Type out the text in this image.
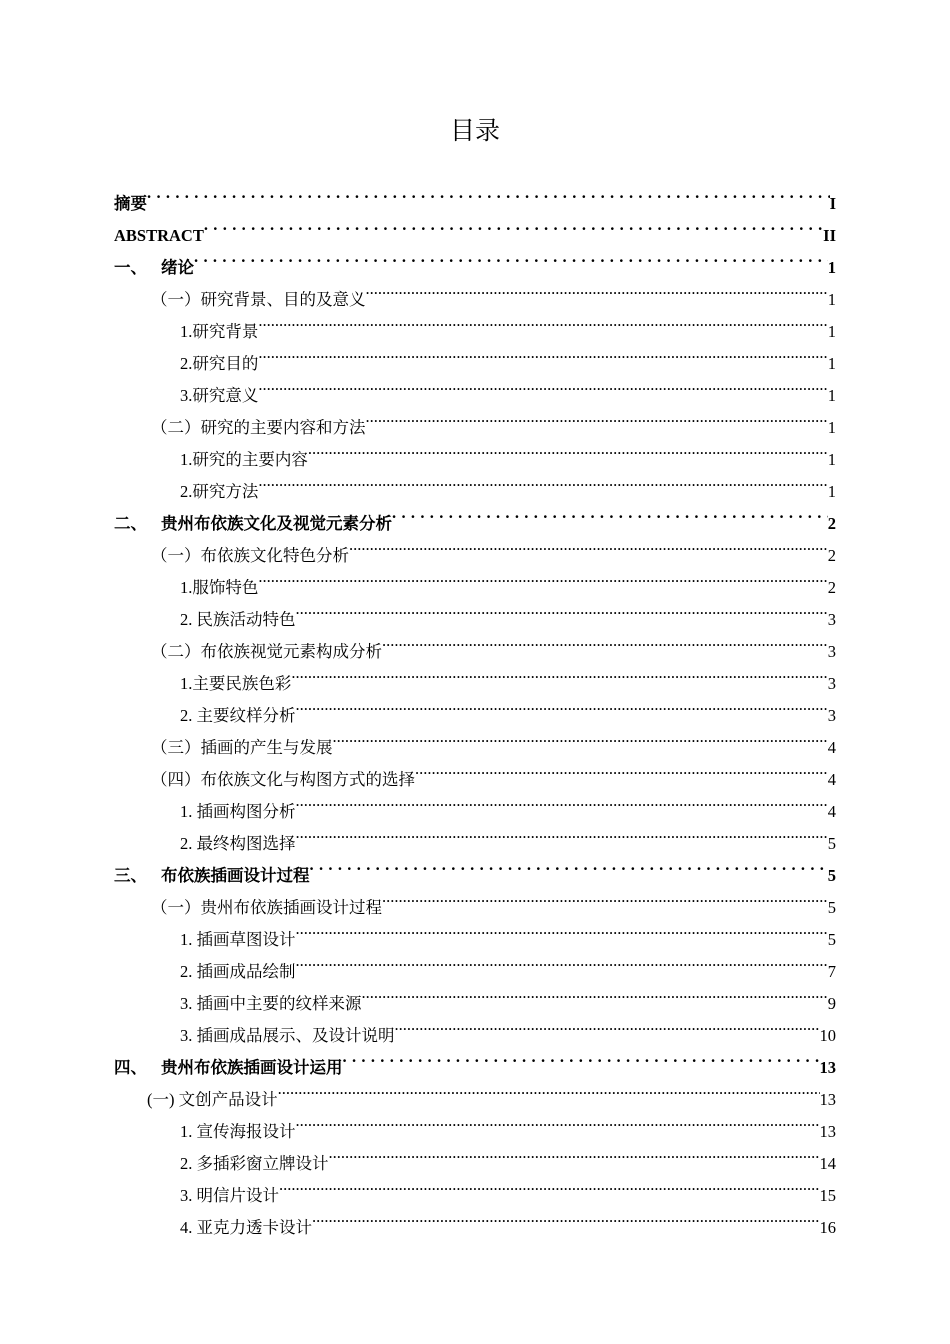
目录
摘要 . . .	I
ABSTRACT . . .	II
一、 绪论 . . .	1
（一）研究背景、目的及意义 .....	1
1.研究背景 .....	1
2.研究目的 .....	1
3.研究意义 .....	1
（二）研究的主要内容和方法 .....	1
1.研究的主要内容 .....	1
2.研究方法 .....	1
二、 贵州布依族文化及视觉元素分析 . . .	2
（一）布依族文化特色分析 .....	2
1.服饰特色 .....	2
2. 民族活动特色 .....	3
（二）布依族视觉元素构成分析 .....	3
1.主要民族色彩 .....	3
2. 主要纹样分析 .....	3
（三）插画的产生与发展 .....	4
（四）布依族文化与构图方式的选择 .....	4
1. 插画构图分析 .....	4
2. 最终构图选择 .....	5
三、 布依族插画设计过程 . . .	5
（一）贵州布依族插画设计过程 .....	5
1. 插画草图设计 .....	5
2. 插画成品绘制 .....	7
3. 插画中主要的纹样来源 .....	9
3. 插画成品展示、及设计说明 .....	10
四、 贵州布依族插画设计运用 . . .	13
(一) 文创产品设计 .....	13
1. 宣传海报设计 .....	13
2. 多插彩窗立牌设计 .....	14
3. 明信片设计 .....	15
4. 亚克力透卡设计 .....	16
